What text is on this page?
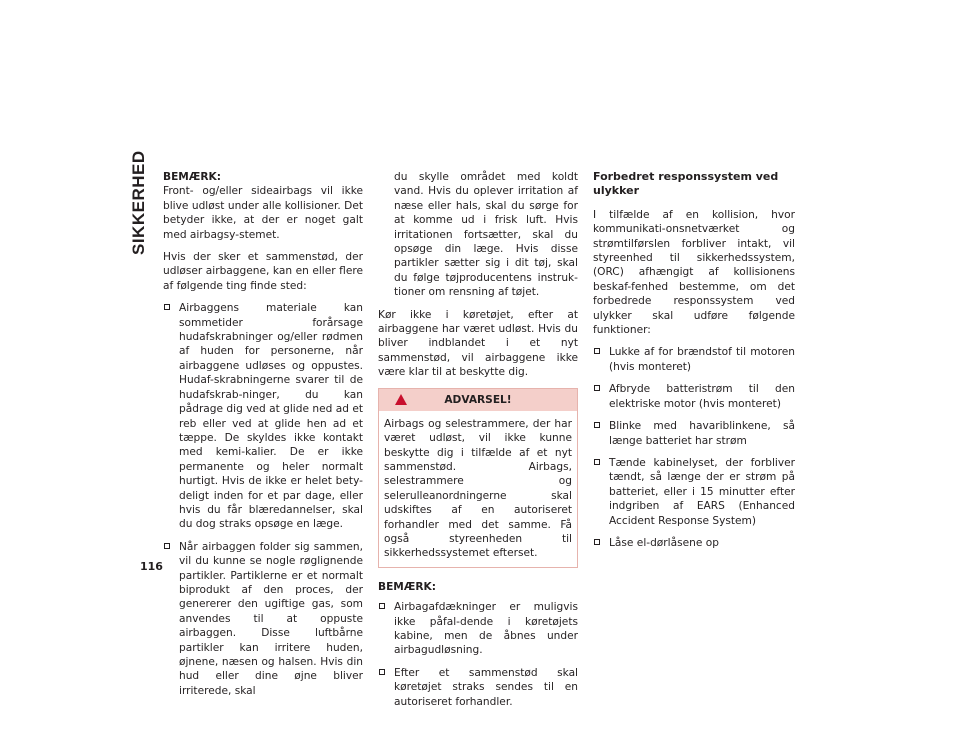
SIKKERHED
116
BEMÆRK:

Front- og/eller sideairbags vil ikke blive udløst under alle kollisioner. Det betyder ikke, at der er noget galt med airbagsy-stemet.

Hvis der sker et sammenstød, der udløser airbaggene, kan en eller flere af følgende ting finde sted:

Airbaggens materiale kan sommetider forårsage hudafskrabninger og/eller rødmen af huden for personerne, når airbaggene udløses og oppustes. Hudaf-skrabningerne svarer til de hudafskrab-ninger, du kan pådrage dig ved at glide ned ad et reb eller ved at glide hen ad et tæppe. De skyldes ikke kontakt med kemi-kalier. De er ikke permanente og heler normalt hurtigt. Hvis de ikke er helet bety-deligt inden for et par dage, eller hvis du får blæredannelser, skal du dog straks opsøge en læge.
Når airbaggen folder sig sammen, vil du kunne se nogle røglignende partikler. Partiklerne er et normalt biprodukt af den proces, der genererer den ugiftige gas, som anvendes til at oppuste airbaggen. Disse luftbårne partikler kan irritere huden, øjnene, næsen og halsen. Hvis din hud eller dine øjne bliver irriterede, skal
du skylle området med koldt vand. Hvis du oplever irritation af næse eller hals, skal du sørge for at komme ud i frisk luft. Hvis irritationen fortsætter, skal du opsøge din læge. Hvis disse partikler sætter sig i dit tøj, skal du følge tøjproducentens instruk-tioner om rensning af tøjet.

Kør ikke i køretøjet, efter at airbaggene har været udløst. Hvis du bliver indblandet i et nyt sammenstød, vil airbaggene ikke være klar til at beskytte dig.

ADVARSEL!
Airbags og selestrammere, der har været udløst, vil ikke kunne beskytte dig i tilfælde af et nyt sammenstød. Airbags, selestrammere og selerulleanordningerne skal udskiftes af en autoriseret forhandler med det samme. Få også styreenheden til sikkerhedssystemet efterset.
BEMÆRK:
Airbagafdækninger er muligvis ikke påfal-dende i køretøjets kabine, men de åbnes under airbagudløsning.
Efter et sammenstød skal køretøjet straks sendes til en autoriseret forhandler.
Forbedret responssystem ved ulykker

I tilfælde af en kollision, hvor kommunikati-onsnetværket og strømtilførslen forbliver intakt, vil styreenhed til sikkerhedssystem, (ORC) afhængigt af kollisionens beskaf-fenhed bestemme, om det forbedrede responssystem ved ulykker skal udføre følgende funktioner:

Lukke af for brændstof til motoren (hvis monteret)
Afbryde batteristrøm til den elektriske motor (hvis monteret)
Blinke med havariblinkene, så længe batteriet har strøm
Tænde kabinelyset, der forbliver tændt, så længe der er strøm på batteriet, eller i 15 minutter efter indgriben af EARS (Enhanced Accident Response System)
Låse el-dørlåsene op
